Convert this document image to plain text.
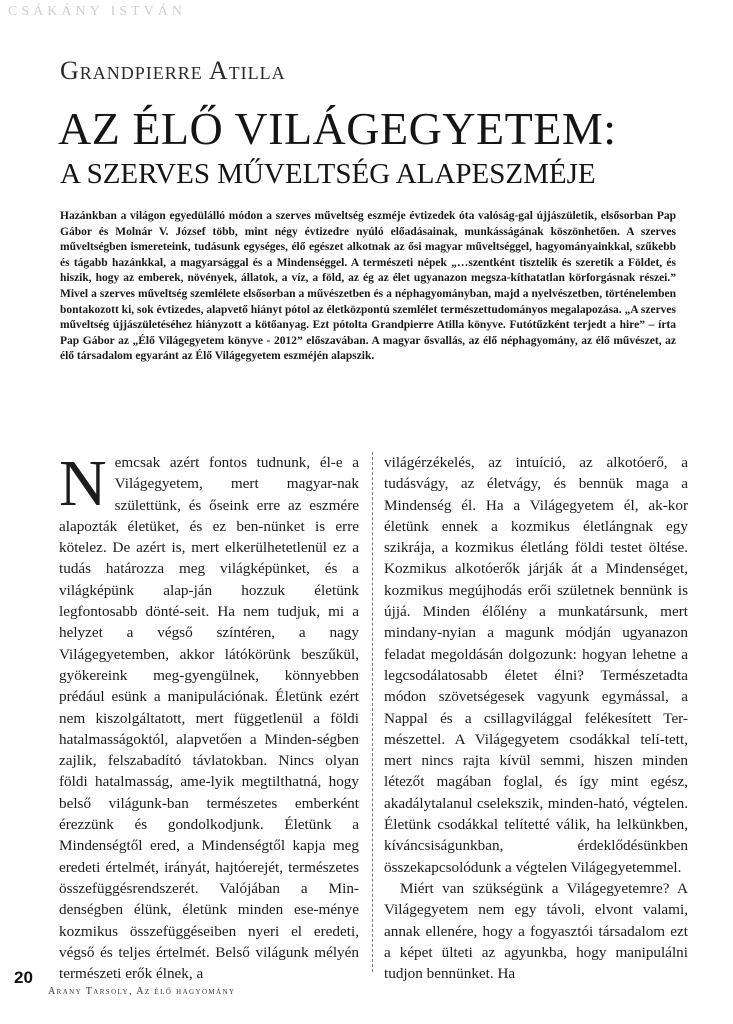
CSÁKÁNY ISTVÁN
Grandpierre Atilla
AZ ÉLŐ VILÁGEGYETEM:
A SZERVES MŰVELTSÉG ALAPESZMÉJE
Hazánkban a világon egyedülálló módon a szerves műveltség eszméje évtizedek óta valóság-gal újjászületik, elsősorban Pap Gábor és Molnár V. József több, mint négy évtizedre nyúló előadásainak, munkásságának köszönhetően. A szerves műveltségben ismereteink, tudásunk egységes, élő egészet alkotnak az ősi magyar műveltséggel, hagyományainkkal, szűkebb és tágabb hazánkkal, a magyarsággal és a Mindenséggel. A természeti népek „…szentként tisztelik és szeretik a Földet, és hiszik, hogy az emberek, növények, állatok, a víz, a föld, az ég az élet ugyanazon megsza-kíthatatlan körforgásnak részei.” Mivel a szerves műveltség szemlélete elsősorban a művészetben és a néphagyományban, majd a nyelvészetben, történelemben bontakozott ki, sok évtizedes, alapvető hiányt pótol az életközpontú szemlélet természettudományos megalapozása. „A szerves műveltség újjászületéséhez hiányzott a kötőanyag. Ezt pótolta Grandpierre Atilla könyve. Futótűzként terjedt a hire” – írta Pap Gábor az „Élő Világegyetem könyve - 2012” előszavában. A magyar ősvallás, az élő néphagyomány, az élő művészet, az élő társadalom egyaránt az Élő Világegyetem eszméjén alapszik.

Nemcsak azért fontos tudnunk, él-e a Világegyetem, mert magyar-nak születtünk, és őseink erre az eszmére alapozták életüket, és ez ben-nünket is erre kötelez. De azért is, mert elkerülhetetlenül ez a tudás határozza meg világképünket, és a világképünk alap-ján hozzuk életünk legfontosabb dönté-seit. Ha nem tudjuk, mi a helyzet a végső színtéren, a nagy Világegyetemben, akkor látókörünk beszűkül, gyökereink meg-gyengülnek, könnyebben prédául esünk a manipulációnak. Életünk ezért nem kiszolgáltatott, mert függetlenül a földi hatalmasságoktól, alapvetően a Minden-ségben zajlik, felszabadító távlatokban. Nincs olyan földi hatalmasság, ame-lyik megtilthatná, hogy belső világunk-ban természetes emberként érezzünk és gondolkodjunk. Életünk a Mindenségtől ered, a Mindenségtől kapja meg eredeti értelmét, irányát, hajtóerejét, természetes összefüggésrendszerét. Valójában a Min-denségben élünk, életünk minden ese-ménye kozmikus összefüggéseiben nyeri el eredeti, végső és teljes értelmét. Belső világunk mélyén természeti erők élnek, a

világérzékelés, az intuíció, az alkotóerő, a tudásvágy, az életvágy, és bennük maga a Mindenség él. Ha a Világegyetem él, ak-kor életünk ennek a kozmikus életlángnak egy szikrája, a kozmikus életláng földi testet öltése. Kozmikus alkotóerők járják át a Mindenséget, kozmikus megújhodás erői születnek bennünk is újjá. Minden élőlény a munkatársunk, mert mindany-nyian a magunk módján ugyanazon feladat megoldásán dolgozunk: hogyan lehetne a legcsodálatosabb életet élni? Természetadta módon szövetségesek vagyunk egymással, a Nappal és a csillagvilággal felékesített Ter-mészettel. A Világegyetem csodákkal telí-tett, mert nincs rajta kívül semmi, hiszen minden létezőt magában foglal, és így mint egész, akadálytalanul cselekszik, minden-ható, végtelen. Életünk csodákkal telítetté válik, ha lelkünkben, kíváncsiságunkban, érdeklődésünkben összekapcsolódunk a végtelen Világegyetemmel.

Miért van szükségünk a Világegyetemre? A Világegyetem nem egy távoli, elvont valami, annak ellenére, hogy a fogyasztói társadalom ezt a képet ülteti az agyunkba, hogy manipulálni tudjon bennünket. Ha

20
Arany Tarsoly, Az élő hagyomány
